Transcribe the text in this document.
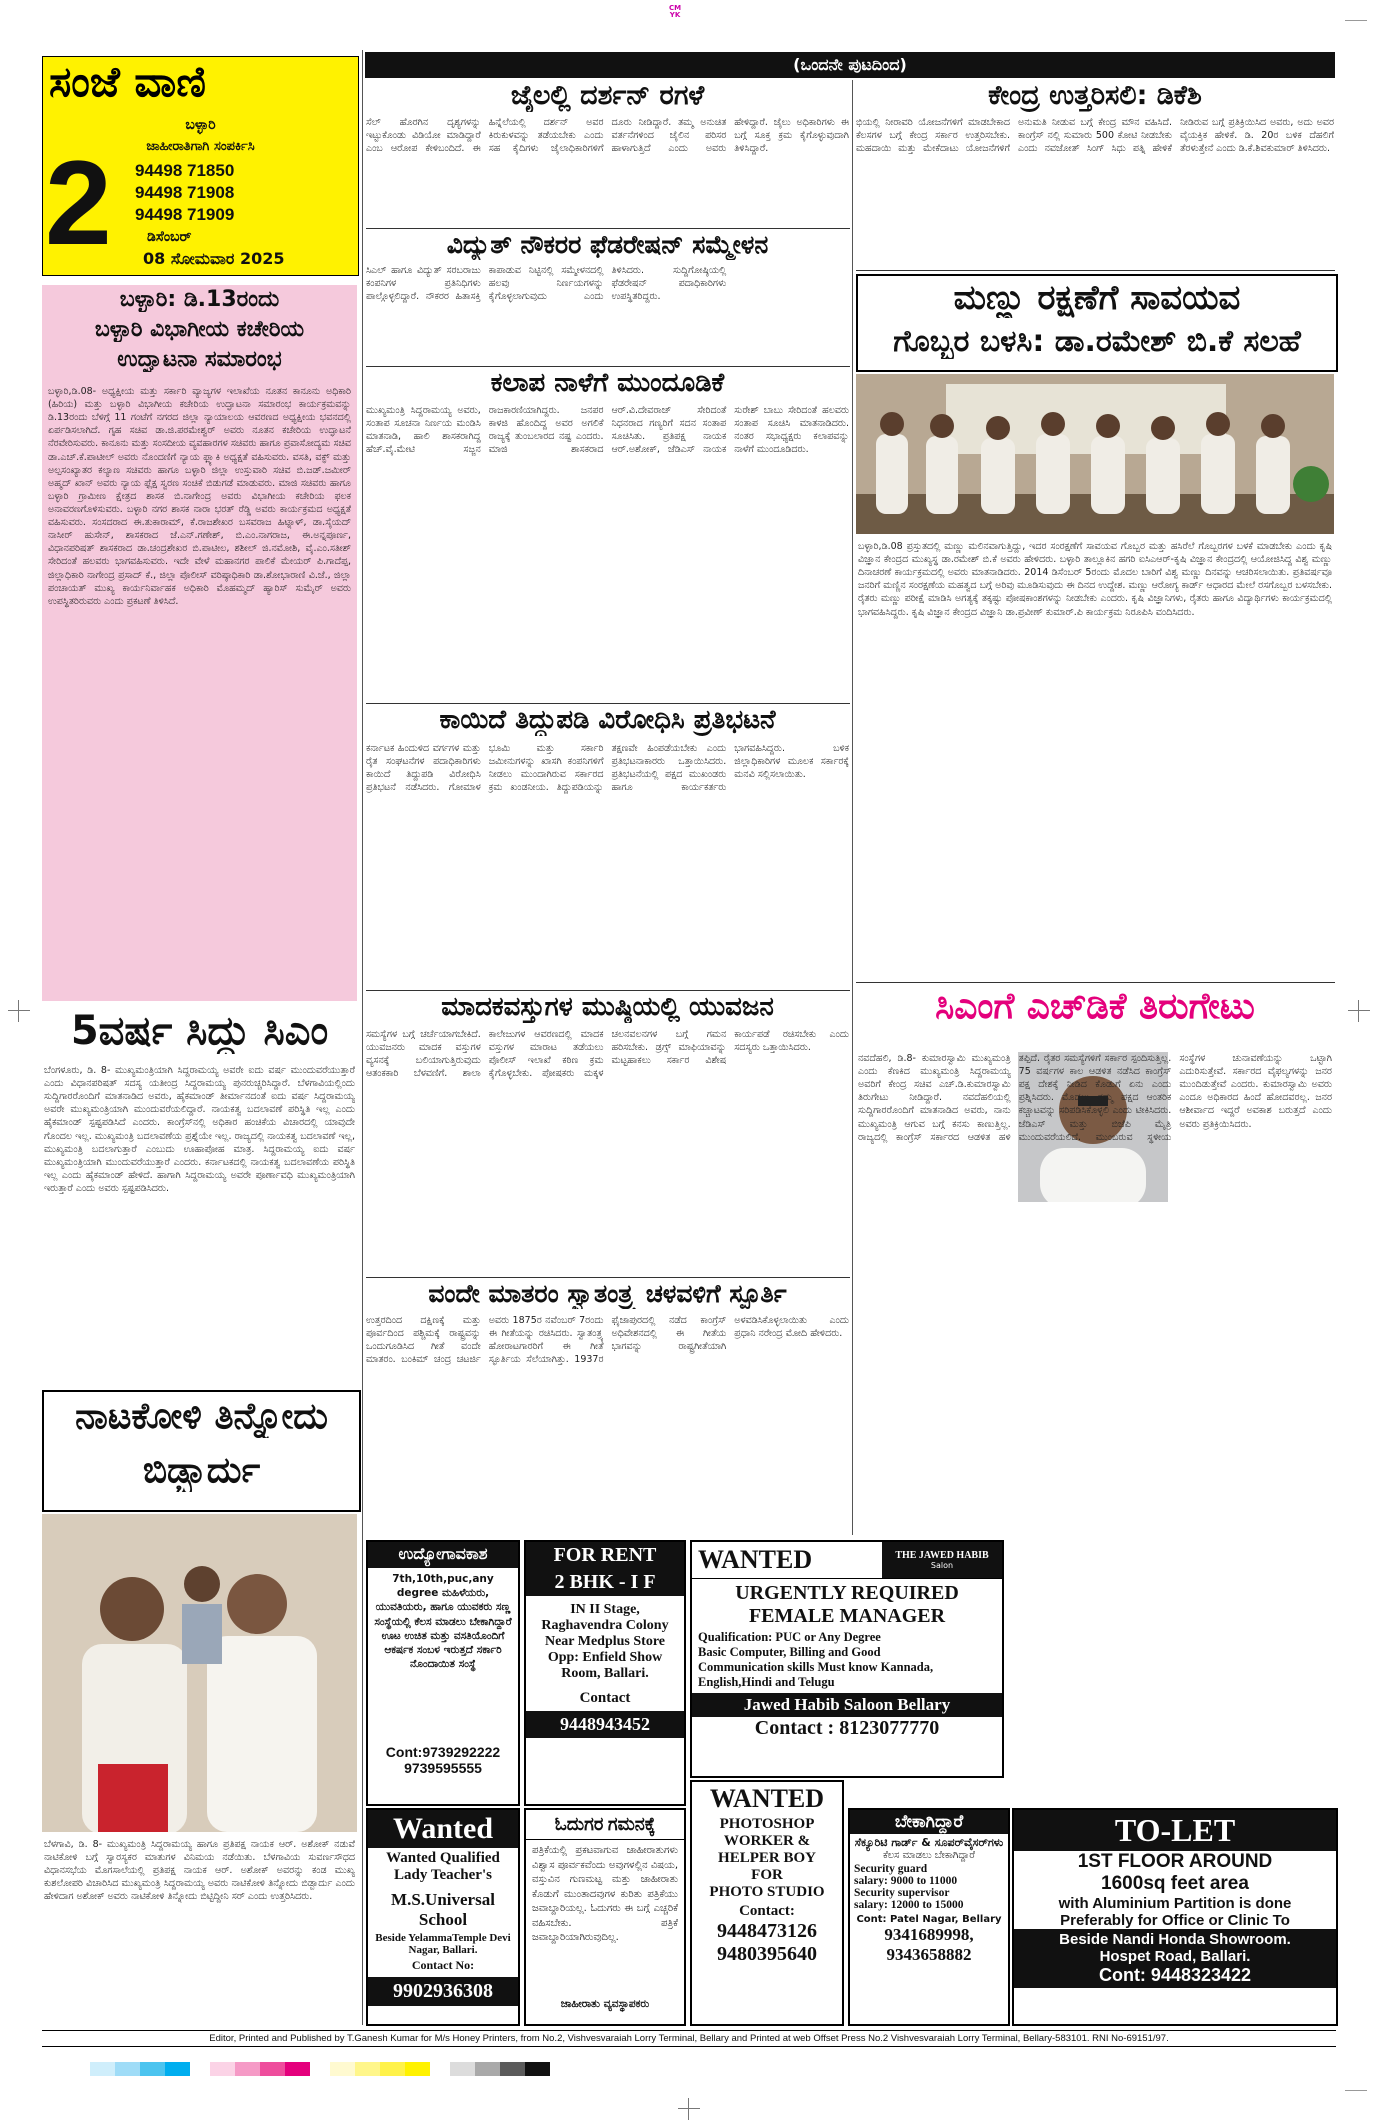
CMYK
ಸಂಜೆ ವಾಣಿ
ಬಳ್ಳಾರಿ
ಜಾಹೀರಾತಿಗಾಗಿ ಸಂಪರ್ಕಿಸಿ
2 94498 71850
94498 71908
94498 71909
ಡಿಸೆಂಬರ್
08 ಸೋಮವಾರ 2025
ಬಳ್ಳಾರಿ: ಡಿ.13ರಂದು
ಬಳ್ಳಾರಿ ವಿಭಾಗೀಯ ಕಚೇರಿಯ
ಉದ್ಘಾಟನಾ ಸಮಾರಂಭ
ಬಳ್ಳಾರಿ,ಡಿ.08- ಅಧ್ಯಕ್ಷೀಯ ಮತ್ತು ಸರ್ಕಾರಿ ವ್ಯಾಜ್ಯಗಳ ಇಲಾಖೆಯ ನೂತನ ಕಾನೂನು ಅಧಿಕಾರಿ (ಹಿರಿಯ) ಮತ್ತು ಬಳ್ಳಾರಿ ವಿಭಾಗೀಯ ಕಚೇರಿಯ ಉದ್ಘಾಟನಾ ಸಮಾರಂಭ ಕಾರ್ಯಕ್ರಮವನ್ನು ಡಿ.13ರಂದು ಬೆಳಿಗ್ಗೆ 11 ಗಂಟೆಗೆ ನಗರದ ಜಿಲ್ಲಾ ನ್ಯಾಯಾಲಯ ಆವರಣದ ಅಧ್ಯಕ್ಷೀಯ ಭವನದಲ್ಲಿ ಏರ್ಪಡಿಸಲಾಗಿದೆ. ಗೃಹ ಸಚಿವ ಡಾ.ಜಿ.ಪರಮೇಶ್ವರ್ ಅವರು ನೂತನ ಕಚೇರಿಯ ಉದ್ಘಾಟನೆ ನೆರವೇರಿಸುವರು. ಕಾನೂನು ಮತ್ತು ಸಂಸದೀಯ ವ್ಯವಹಾರಗಳ ಸಚಿವರು ಹಾಗೂ ಪ್ರವಾಸೋದ್ಯಮ ಸಚಿವ ಡಾ.ಎಚ್.ಕೆ.ಪಾಟೀಲ್ ಅವರು ನೊಂದಣಿಗೆ ನ್ಯಾಯ ಫ್ಲ್ಯಾಕಿ ಅಧ್ಯಕ್ಷತೆ ವಹಿಸುವರು. ವಸತಿ, ವಕ್ಫ್ ಮತ್ತು ಅಲ್ಪಸಂಖ್ಯಾತರ ಕಲ್ಯಾಣ ಸಚಿವರು ಹಾಗೂ ಬಳ್ಳಾರಿ ಜಿಲ್ಲಾ ಉಸ್ತುವಾರಿ ಸಚಿವ ಬಿ.ಜಡ್.ಜಮೀರ್ ಅಹ್ಮದ್ ಖಾನ್ ಅವರು ನ್ಯಾಯ ಫ್ಲೆಕ್ಷ ಸ್ವರಣ ಸಂಚಿಕೆ ಬಿಡುಗಡೆ ಮಾಡುವರು. ಮಾಜಿ ಸಚಿವರು ಹಾಗೂ ಬಳ್ಳಾರಿ ಗ್ರಾಮೀಣ ಕ್ಷೇತ್ರದ ಶಾಸಕ ಬಿ.ನಾಗೇಂದ್ರ ಅವರು ವಿಭಾಗೀಯ ಕಚೇರಿಯ ಫಲಕ ಅನಾವರಣಗೊಳಿಸುವರು. ಬಳ್ಳಾರಿ ನಗರ ಶಾಸಕ ನಾರಾ ಭರತ್ ರೆಡ್ಡಿ ಅವರು ಕಾರ್ಯಕ್ರಮದ ಅಧ್ಯಕ್ಷತೆ ವಹಿಸುವರು. ಸಂಸದರಾದ ಈ.ತುಕಾರಾಮ್, ಕೆ.ರಾಜಶೇಖರ ಬಸವರಾಜ ಹಿಟ್ನಾಳ್, ಡಾ.ಸೈಯದ್ ನಾಸೀರ್ ಹುಸೇನ್, ಶಾಸಕರಾದ ಜೆ.ಎನ್.ಗಣೇಶ್, ಬಿ.ಎಂ.ನಾಗರಾಜ, ಈ.ಅನ್ನಪೂರ್ಣ, ವಿಧಾನಪರಿಷತ್ ಶಾಸಕರಾದ ಡಾ.ಚಂದ್ರಶೇಖರ ಬಿ.ಪಾಟೀಲ, ಶಶೀಲ್ ಜಿ.ನಮೋಶಿ, ವೈ.ಎಂ.ಸತೀಶ್ ಸೇರಿದಂತೆ ಹಲವರು ಭಾಗವಹಿಸುವರು. ಇದೇ ವೇಳೆ ಮಹಾನಗರ ಪಾಲಿಕೆ ಮೇಯರ್ ಪಿ.ಗಾದೆಪ್ಪ, ಜಿಲ್ಲಾಧಿಕಾರಿ ನಾಗೇಂದ್ರ ಪ್ರಸಾದ್ ಕೆ., ಜಿಲ್ಲಾ ಪೊಲೀಸ್ ವರಿಷ್ಠಾಧಿಕಾರಿ ಡಾ.ಶೋಭಾರಾಣಿ ವಿ.ಜೆ., ಜಿಲ್ಲಾ ಪಂಚಾಯತ್ ಮುಖ್ಯ ಕಾರ್ಯನಿರ್ವಾಹಕ ಅಧಿಕಾರಿ ಮೊಹಮ್ಮದ್ ಹ್ಯಾರಿಸ್ ಸುಮೈರ್ ಅವರು ಉಪಸ್ಥಿತರಿರುವರು ಎಂದು ಪ್ರಕಟಣೆ ತಿಳಿಸಿದೆ.
5ವರ್ಷ ಸಿದ್ದು ಸಿಎಂ
ಬೆಂಗಳೂರು, ಡಿ. 8- ಮುಖ್ಯಮಂತ್ರಿಯಾಗಿ ಸಿದ್ದರಾಮಯ್ಯ ಅವರೇ ಐದು ವರ್ಷ ಮುಂದುವರೆಯುತ್ತಾರೆ ಎಂದು ವಿಧಾನಪರಿಷತ್ ಸದಸ್ಯ ಯತೀಂದ್ರ ಸಿದ್ದರಾಮಯ್ಯ ಪುನರುಚ್ಚರಿಸಿದ್ದಾರೆ. ಬೆಳಗಾವಿಯಲ್ಲಿಂದು ಸುದ್ದಿಗಾರರೊಂದಿಗೆ ಮಾತನಾಡಿದ ಅವರು, ಹೈಕಮಾಂಡ್ ತೀರ್ಮಾನದಂತೆ ಐದು ವರ್ಷ ಸಿದ್ದರಾಮಯ್ಯ ಅವರೇ ಮುಖ್ಯಮಂತ್ರಿಯಾಗಿ ಮುಂದುವರೆಯಲಿದ್ದಾರೆ. ನಾಯಕತ್ವ ಬದಲಾವಣೆ ಪರಿಸ್ಥಿತಿ ಇಲ್ಲ ಎಂದು ಹೈಕಮಾಂಡ್ ಸ್ಪಷ್ಟಪಡಿಸಿದೆ ಎಂದರು. ಕಾಂಗ್ರೆಸ್‌ನಲ್ಲಿ ಅಧಿಕಾರ ಹಂಚಿಕೆಯ ವಿಚಾರದಲ್ಲಿ ಯಾವುದೇ ಗೊಂದಲ ಇಲ್ಲ. ಮುಖ್ಯಮಂತ್ರಿ ಬದಲಾವಣೆಯ ಪ್ರಶ್ನೆಯೇ ಇಲ್ಲ. ರಾಜ್ಯದಲ್ಲಿ ನಾಯಕತ್ವ ಬದಲಾವಣೆ ಇಲ್ಲ, ಮುಖ್ಯಮಂತ್ರಿ ಬದಲಾಗುತ್ತಾರೆ ಎಂಬುದು ಊಹಾಪೋಹ ಮಾತ್ರ. ಸಿದ್ದರಾಮಯ್ಯ ಐದು ವರ್ಷ ಮುಖ್ಯಮಂತ್ರಿಯಾಗಿ ಮುಂದುವರೆಯುತ್ತಾರೆ ಎಂದರು. ಕರ್ನಾಟಕದಲ್ಲಿ ನಾಯಕತ್ವ ಬದಲಾವಣೆಯ ಪರಿಸ್ಥಿತಿ ಇಲ್ಲ ಎಂದು ಹೈಕಮಾಂಡ್ ಹೇಳಿದೆ. ಹಾಗಾಗಿ ಸಿದ್ದರಾಮಯ್ಯ ಅವರೇ ಪೂರ್ಣಾವಧಿ ಮುಖ್ಯಮಂತ್ರಿಯಾಗಿ ಇರುತ್ತಾರೆ ಎಂದು ಅವರು ಸ್ಪಷ್ಟಪಡಿಸಿದರು.
ನಾಟಕೋಳಿ ತಿನ್ನೋದು
ಬಿಡ್ಬಾರ್ದು
ಬೆಳಗಾವಿ, ಡಿ. 8- ಮುಖ್ಯಮಂತ್ರಿ ಸಿದ್ದರಾಮಯ್ಯ ಹಾಗೂ ಪ್ರತಿಪಕ್ಷ ನಾಯಕ ಆರ್. ಅಶೋಕ್ ನಡುವೆ ನಾಟಿಕೋಳಿ ಬಗ್ಗೆ ಸ್ವಾರಸ್ಯಕರ ಮಾತುಗಳ ವಿನಿಮಯ ನಡೆಯಿತು. ಬೆಳಗಾವಿಯ ಸುವರ್ಣಸೌಧದ ವಿಧಾನಸಭೆಯ ಮೊಗಸಾಲೆಯಲ್ಲಿ ಪ್ರತಿಪಕ್ಷ ನಾಯಕ ಆರ್. ಅಶೋಕ್ ಅವರನ್ನು ಕಂಡ ಮುಖ್ಯ ಕುಶಲೋಪರಿ ವಿಚಾರಿಸಿದ ಮುಖ್ಯಮಂತ್ರಿ ಸಿದ್ದರಾಮಯ್ಯ ಅವರು ನಾಟಿಕೋಳಿ ತಿನ್ನೋದು ಬಿಡ್ಬಾರ್ದು ಎಂದು ಹೇಳಿದಾಗ ಅಶೋಕ್ ಅವರು ನಾಟಿಕೋಳಿ ತಿನ್ನೋದು ಬಿಟ್ಟಿದ್ದೀನಿ ಸರ್ ಎಂದು ಉತ್ತರಿಸಿದರು.
(ಒಂದನೇ ಪುಟದಿಂದ)
ಜೈಲಲ್ಲಿ ದರ್ಶನ್ ರಗಳೆ
ಸೆಲ್ ಹೊರಗಿನ ದೃಶ್ಯಗಳನ್ನು ಇಟ್ಟುಕೊಂಡು ವಿಡಿಯೋ ಮಾಡಿದ್ದಾರೆ ಎಂಬ ಆರೋಪ ಕೇಳಿಬಂದಿದೆ. ಈ ಹಿನ್ನೆಲೆಯಲ್ಲಿ ದರ್ಶನ್ ಅವರ ಕಿರುಕುಳವನ್ನು ತಡೆಯಬೇಕು ಎಂದು ಸಹ ಕೈದಿಗಳು ಜೈಲಾಧಿಕಾರಿಗಳಿಗೆ ದೂರು ನೀಡಿದ್ದಾರೆ. ತಮ್ಮ ಅನುಚಿತ ವರ್ತನೆಗಳಿಂದ ಜೈಲಿನ ಪರಿಸರ ಹಾಳಾಗುತ್ತಿದೆ ಎಂದು ಅವರು ಹೇಳಿದ್ದಾರೆ. ಜೈಲು ಅಧಿಕಾರಿಗಳು ಈ ಬಗ್ಗೆ ಸೂಕ್ತ ಕ್ರಮ ಕೈಗೊಳ್ಳುವುದಾಗಿ ತಿಳಿಸಿದ್ದಾರೆ.
ವಿದ್ಯುತ್ ನೌಕರರ ಫೆಡರೇಷನ್ ಸಮ್ಮೇಳನ
ಸಿಎಲ್ ಹಾಗೂ ವಿದ್ಯುತ್ ಸರಬರಾಜು ಕಂಪನಿಗಳ ಪ್ರತಿನಿಧಿಗಳು ಪಾಲ್ಗೊಳ್ಳಲಿದ್ದಾರೆ. ನೌಕರರ ಹಿತಾಸಕ್ತಿ ಕಾಪಾಡುವ ನಿಟ್ಟಿನಲ್ಲಿ ಸಮ್ಮೇಳನದಲ್ಲಿ ಹಲವು ನಿರ್ಣಯಗಳನ್ನು ಕೈಗೊಳ್ಳಲಾಗುವುದು ಎಂದು ತಿಳಿಸಿದರು. ಸುದ್ದಿಗೋಷ್ಠಿಯಲ್ಲಿ ಫೆಡರೇಷನ್ ಪದಾಧಿಕಾರಿಗಳು ಉಪಸ್ಥಿತರಿದ್ದರು.
ಕಲಾಪ ನಾಳೆಗೆ ಮುಂದೂಡಿಕೆ
ಮುಖ್ಯಮಂತ್ರಿ ಸಿದ್ದರಾಮಯ್ಯ ಅವರು, ಸಂತಾಪ ಸೂಚನಾ ನಿರ್ಣಯ ಮಂಡಿಸಿ ಮಾತನಾಡಿ, ಹಾಲಿ ಶಾಸಕರಾಗಿದ್ದ ಹೆಚ್.ವೈ.ಮೇಟಿ ಸಜ್ಜನ ರಾಜಕಾರಣಿಯಾಗಿದ್ದರು. ಜನಪರ ಕಾಳಜಿ ಹೊಂದಿದ್ದ ಅವರ ಅಗಲಿಕೆ ರಾಜ್ಯಕ್ಕೆ ತುಂಬಲಾರದ ನಷ್ಟ ಎಂದರು. ಮಾಜಿ ಶಾಸಕರಾದ ಆರ್.ವಿ.ದೇವರಾಜ್ ಸೇರಿದಂತೆ ನಿಧನರಾದ ಗಣ್ಯರಿಗೆ ಸದನ ಸಂತಾಪ ಸೂಚಿಸಿತು. ಪ್ರತಿಪಕ್ಷ ನಾಯಕ ಆರ್.ಅಶೋಕ್, ಜೆಡಿಎಸ್ ನಾಯಕ ಸುರೇಶ್ ಬಾಬು ಸೇರಿದಂತೆ ಹಲವರು ಸಂತಾಪ ಸೂಚಿಸಿ ಮಾತನಾಡಿದರು. ನಂತರ ಸಭಾಧ್ಯಕ್ಷರು ಕಲಾಪವನ್ನು ನಾಳೆಗೆ ಮುಂದೂಡಿದರು.
ಕಾಯಿದೆ ತಿದ್ದುಪಡಿ ವಿರೋಧಿಸಿ ಪ್ರತಿಭಟನೆ
ಕರ್ನಾಟಕ ಹಿಂದುಳಿದ ವರ್ಗಗಳ ಮತ್ತು ರೈತ ಸಂಘಟನೆಗಳ ಪದಾಧಿಕಾರಿಗಳು ಕಾಯಿದೆ ತಿದ್ದುಪಡಿ ವಿರೋಧಿಸಿ ಪ್ರತಿಭಟನೆ ನಡೆಸಿದರು. ಗೋಮಾಳ ಭೂಮಿ ಮತ್ತು ಸರ್ಕಾರಿ ಜಮೀನುಗಳನ್ನು ಖಾಸಗಿ ಕಂಪನಿಗಳಿಗೆ ನೀಡಲು ಮುಂದಾಗಿರುವ ಸರ್ಕಾರದ ಕ್ರಮ ಖಂಡನೀಯ. ತಿದ್ದುಪಡಿಯನ್ನು ತಕ್ಷಣವೇ ಹಿಂಪಡೆಯಬೇಕು ಎಂದು ಪ್ರತಿಭಟನಾಕಾರರು ಒತ್ತಾಯಿಸಿದರು. ಪ್ರತಿಭಟನೆಯಲ್ಲಿ ಪಕ್ಷದ ಮುಖಂಡರು ಹಾಗೂ ಕಾರ್ಯಕರ್ತರು ಭಾಗವಹಿಸಿದ್ದರು. ಬಳಿಕ ಜಿಲ್ಲಾಧಿಕಾರಿಗಳ ಮೂಲಕ ಸರ್ಕಾರಕ್ಕೆ ಮನವಿ ಸಲ್ಲಿಸಲಾಯಿತು.
ಮಾದಕವಸ್ತುಗಳ ಮುಷ್ಠಿಯಲ್ಲಿ ಯುವಜನ
ಸಮಸ್ಯೆಗಳ ಬಗ್ಗೆ ಚರ್ಚೆಯಾಗಬೇಕಿದೆ. ಯುವಜನರು ಮಾದಕ ವಸ್ತುಗಳ ವ್ಯಸನಕ್ಕೆ ಬಲಿಯಾಗುತ್ತಿರುವುದು ಆತಂಕಕಾರಿ ಬೆಳವಣಿಗೆ. ಶಾಲಾ ಕಾಲೇಜುಗಳ ಆವರಣದಲ್ಲಿ ಮಾದಕ ವಸ್ತುಗಳ ಮಾರಾಟ ತಡೆಯಲು ಪೊಲೀಸ್ ಇಲಾಖೆ ಕಠಿಣ ಕ್ರಮ ಕೈಗೊಳ್ಳಬೇಕು. ಪೋಷಕರು ಮಕ್ಕಳ ಚಲನವಲನಗಳ ಬಗ್ಗೆ ಗಮನ ಹರಿಸಬೇಕು. ಡ್ರಗ್ಸ್ ಮಾಫಿಯಾವನ್ನು ಮಟ್ಟಹಾಕಲು ಸರ್ಕಾರ ವಿಶೇಷ ಕಾರ್ಯಪಡೆ ರಚಿಸಬೇಕು ಎಂದು ಸದಸ್ಯರು ಒತ್ತಾಯಿಸಿದರು.
ವಂದೇ ಮಾತರಂ ಸ್ವಾತಂತ್ರ್ಯ ಚಳವಳಿಗೆ ಸ್ಪೂರ್ತಿ
ಉತ್ತರದಿಂದ ದಕ್ಷಿಣಕ್ಕೆ ಮತ್ತು ಪೂರ್ವದಿಂದ ಪಶ್ಚಿಮಕ್ಕೆ ರಾಷ್ಟ್ರವನ್ನು ಒಂದುಗೂಡಿಸಿದ ಗೀತೆ ವಂದೇ ಮಾತರಂ. ಬಂಕಿಮ್ ಚಂದ್ರ ಚಟರ್ಜಿ ಅವರು 1875ರ ನವೆಂಬರ್ 7ರಂದು ಈ ಗೀತೆಯನ್ನು ರಚಿಸಿದರು. ಸ್ವಾತಂತ್ರ್ಯ ಹೋರಾಟಗಾರರಿಗೆ ಈ ಗೀತೆ ಸ್ಫೂರ್ತಿಯ ಸೆಲೆಯಾಗಿತ್ತು. 1937ರ ಫೈಜಾಪುರದಲ್ಲಿ ನಡೆದ ಕಾಂಗ್ರೆಸ್ ಅಧಿವೇಶನದಲ್ಲಿ ಈ ಗೀತೆಯ ಭಾಗವನ್ನು ರಾಷ್ಟ್ರಗೀತೆಯಾಗಿ ಅಳವಡಿಸಿಕೊಳ್ಳಲಾಯಿತು ಎಂದು ಪ್ರಧಾನಿ ನರೇಂದ್ರ ಮೋದಿ ಹೇಳಿದರು.
ಕೇಂದ್ರ ಉತ್ತರಿಸಲಿ: ಡಿಕೆಶಿ
ಭಿಯಲ್ಲಿ ನೀರಾವರಿ ಯೋಜನೆಗಳಿಗೆ ಮಾಡಬೇಕಾದ ಕೆಲಸಗಳ ಬಗ್ಗೆ ಕೇಂದ್ರ ಸರ್ಕಾರ ಉತ್ತರಿಸಬೇಕು. ಮಹದಾಯಿ ಮತ್ತು ಮೇಕೆದಾಟು ಯೋಜನೆಗಳಿಗೆ ಅನುಮತಿ ನೀಡುವ ಬಗ್ಗೆ ಕೇಂದ್ರ ಮೌನ ವಹಿಸಿದೆ. ಕಾಂಗ್ರೆಸ್ ನಲ್ಲಿ ಸುಮಾರು 500 ಕೋಟಿ ನೀಡಬೇಕು ಎಂದು ನವಜೋತ್ ಸಿಂಗ್ ಸಿಧು ಪತ್ನಿ ಹೇಳಿಕೆ ನೀಡಿರುವ ಬಗ್ಗೆ ಪ್ರತಿಕ್ರಿಯಿಸಿದ ಅವರು, ಅದು ಅವರ ವೈಯಕ್ತಿಕ ಹೇಳಿಕೆ. ಡಿ. 20ರ ಬಳಿಕ ದೆಹಲಿಗೆ ತೆರಳುತ್ತೇನೆ ಎಂದು ಡಿ.ಕೆ.ಶಿವಕುಮಾರ್ ತಿಳಿಸಿದರು.
ಮಣ್ಣು ರಕ್ಷಣೆಗೆ ಸಾವಯವ
ಗೊಬ್ಬರ ಬಳಸಿ: ಡಾ.ರಮೇಶ್ ಬಿ.ಕೆ ಸಲಹೆ
ಬಳ್ಳಾರಿ,ಡಿ.08 ಪ್ರಸ್ತುತದಲ್ಲಿ ಮಣ್ಣು ಮಲಿನವಾಗುತ್ತಿದ್ದು, ಇದರ ಸಂರಕ್ಷಣೆಗೆ ಸಾವಯವ ಗೊಬ್ಬರ ಮತ್ತು ಹಸಿರೆಲೆ ಗೊಬ್ಬರಗಳ ಬಳಕೆ ಮಾಡಬೇಕು ಎಂದು ಕೃಷಿ ವಿಜ್ಞಾನ ಕೇಂದ್ರದ ಮುಖ್ಯಸ್ಥ ಡಾ.ರಮೇಶ್ ಬಿ.ಕೆ ಅವರು ಹೇಳಿದರು. ಬಳ್ಳಾರಿ ತಾಲ್ಲೂಕಿನ ಹಗರಿ ಐಸಿಎಆರ್-ಕೃಷಿ ವಿಜ್ಞಾನ ಕೇಂದ್ರದಲ್ಲಿ ಆಯೋಜಿಸಿದ್ದ ವಿಶ್ವ ಮಣ್ಣು ದಿನಾಚರಣೆ ಕಾರ್ಯಕ್ರಮದಲ್ಲಿ ಅವರು ಮಾತನಾಡಿದರು. 2014 ಡಿಸೆಂಬರ್ 5ರಂದು ಮೊದಲ ಬಾರಿಗೆ ವಿಶ್ವ ಮಣ್ಣು ದಿನವನ್ನು ಆಚರಿಸಲಾಯಿತು. ಪ್ರತಿವರ್ಷವೂ ಜನರಿಗೆ ಮಣ್ಣಿನ ಸಂರಕ್ಷಣೆಯ ಮಹತ್ವದ ಬಗ್ಗೆ ಅರಿವು ಮೂಡಿಸುವುದು ಈ ದಿನದ ಉದ್ದೇಶ. ಮಣ್ಣು ಆರೋಗ್ಯ ಕಾರ್ಡ್ ಆಧಾರದ ಮೇಲೆ ರಸಗೊಬ್ಬರ ಬಳಸಬೇಕು. ರೈತರು ಮಣ್ಣು ಪರೀಕ್ಷೆ ಮಾಡಿಸಿ ಅಗತ್ಯಕ್ಕೆ ತಕ್ಕಷ್ಟು ಪೋಷಕಾಂಶಗಳನ್ನು ನೀಡಬೇಕು ಎಂದರು. ಕೃಷಿ ವಿಜ್ಞಾನಿಗಳು, ರೈತರು ಹಾಗೂ ವಿದ್ಯಾರ್ಥಿಗಳು ಕಾರ್ಯಕ್ರಮದಲ್ಲಿ ಭಾಗವಹಿಸಿದ್ದರು. ಕೃಷಿ ವಿಜ್ಞಾನ ಕೇಂದ್ರದ ವಿಜ್ಞಾನಿ ಡಾ.ಪ್ರವೀಣ್ ಕುಮಾರ್.ಪಿ ಕಾರ್ಯಕ್ರಮ ನಿರೂಪಿಸಿ ವಂದಿಸಿದರು.
ಸಿಎಂಗೆ ಎಚ್‌ಡಿಕೆ ತಿರುಗೇಟು
ನವದೆಹಲಿ, ಡಿ.8- ಕುಮಾರಸ್ವಾಮಿ ಮುಖ್ಯಮಂತ್ರಿ ಎಂದು ಕೆಣಕಿದ ಮುಖ್ಯಮಂತ್ರಿ ಸಿದ್ದರಾಮಯ್ಯ ಅವರಿಗೆ ಕೇಂದ್ರ ಸಚಿವ ಎಚ್.ಡಿ.ಕುಮಾರಸ್ವಾಮಿ ತಿರುಗೇಟು ನೀಡಿದ್ದಾರೆ. ನವದೆಹಲಿಯಲ್ಲಿ ಸುದ್ದಿಗಾರರೊಂದಿಗೆ ಮಾತನಾಡಿದ ಅವರು, ನಾನು ಮುಖ್ಯಮಂತ್ರಿ ಆಗುವ ಬಗ್ಗೆ ಕನಸು ಕಾಣುತ್ತಿಲ್ಲ. ರಾಜ್ಯದಲ್ಲಿ ಕಾಂಗ್ರೆಸ್ ಸರ್ಕಾರದ ಆಡಳಿತ ಹಳಿ ತಪ್ಪಿದೆ. ರೈತರ ಸಮಸ್ಯೆಗಳಿಗೆ ಸರ್ಕಾರ ಸ್ಪಂದಿಸುತ್ತಿಲ್ಲ. 75 ವರ್ಷಗಳ ಕಾಲ ಆಡಳಿತ ನಡೆಸಿದ ಕಾಂಗ್ರೆಸ್ ಪಕ್ಷ ದೇಶಕ್ಕೆ ನೀಡಿದ ಕೊಡುಗೆ ಏನು ಎಂದು ಪ್ರಶ್ನಿಸಿದರು. ಮೊದಲು ತಮ್ಮ ಪಕ್ಷದ ಆಂತರಿಕ ಕಚ್ಚಾಟವನ್ನು ಸರಿಪಡಿಸಿಕೊಳ್ಳಲಿ ಎಂದು ಟೀಕಿಸಿದರು. ಜೆಡಿಎಸ್ ಮತ್ತು ಬಿಜೆಪಿ ಮೈತ್ರಿ ಮುಂದುವರೆಯಲಿದೆ. ಮುಂಬರುವ ಸ್ಥಳೀಯ ಸಂಸ್ಥೆಗಳ ಚುನಾವಣೆಯನ್ನು ಒಟ್ಟಾಗಿ ಎದುರಿಸುತ್ತೇವೆ. ಸರ್ಕಾರದ ವೈಫಲ್ಯಗಳನ್ನು ಜನರ ಮುಂದಿಡುತ್ತೇವೆ ಎಂದರು. ಕುಮಾರಸ್ವಾಮಿ ಅವರು ಎಂದೂ ಅಧಿಕಾರದ ಹಿಂದೆ ಹೋದವರಲ್ಲ. ಜನರ ಆಶೀರ್ವಾದ ಇದ್ದರೆ ಅವಕಾಶ ಬರುತ್ತದೆ ಎಂದು ಅವರು ಪ್ರತಿಕ್ರಿಯಿಸಿದರು.
ಉದ್ಯೋಗಾವಕಾಶ
7th,10th,puc,any degree ಮಹಿಳೆಯರು, ಯುವತಿಯರು, ಹಾಗೂ ಯುವಕರು ಸಣ್ಣ ಸಂಸ್ಥೆಯಲ್ಲಿ ಕೆಲಸ ಮಾಡಲು ಬೇಕಾಗಿದ್ದಾರೆ ಊಟ ಉಚಿತ ಮತ್ತು ವಸತಿಯೊಂದಿಗೆ ಆಕರ್ಷಕ ಸಂಬಳ ಇರುತ್ತದೆ ಸರ್ಕಾರಿ ನೊಂದಾಯಿತ ಸಂಸ್ಥೆ
Cont:9739292222
9739595555
FOR RENT
2 BHK - I F
IN II Stage,
Raghavendra Colony
Near Medplus Store
Opp: Enfield Show
Room, Ballari.
Contact
9448943452
WANTED	THE JAWED HABIB
Salon
URGENTLY REQUIRED
FEMALE MANAGER
Qualification: PUC or Any Degree
Basic Computer, Billing and Good
Communication skills Must know Kannada,
English,Hindi and Telugu
Jawed Habib Saloon Bellary
Contact : 8123077770
Wanted
Wanted Qualified
Lady Teacher's
M.S.Universal School
Beside YelammaTemple Devi Nagar, Ballari.
Contact No:
9902936308
ಓದುಗರ ಗಮನಕ್ಕೆ
ಪತ್ರಿಕೆಯಲ್ಲಿ ಪ್ರಕಟವಾಗುವ ಜಾಹೀರಾತುಗಳು ವಿಶ್ವಾಸ ಪೂರ್ವಕವೆಂದು ಅವುಗಳಲ್ಲಿನ ವಿಷಯ, ವಸ್ತುವಿನ ಗುಣಮಟ್ಟ ಮತ್ತು ಜಾಹೀರಾತು ಕೊಡುಗೆ ಮುಂತಾದವುಗಳ ಕುರಿತು ಪತ್ರಿಕೆಯು ಜವಾಬ್ದಾರಿಯಲ್ಲ. ಓದುಗರು ಈ ಬಗ್ಗೆ ಎಚ್ಚರಿಕೆ ವಹಿಸಬೇಕು. ಪತ್ರಿಕೆ ಜವಾಬ್ದಾರಿಯಾಗಿರುವುದಿಲ್ಲ.
ಜಾಹೀರಾತು ವ್ಯವಸ್ಥಾಪಕರು
WANTED
PHOTOSHOP
WORKER &
HELPER BOY
FOR
PHOTO STUDIO
Contact:
9448473126
9480395640
ಬೇಕಾಗಿದ್ದಾರೆ
ಸೆಕ್ಯೂರಿಟಿ ಗಾರ್ಡ್ & ಸೂಪರ್‌ವೈಸರ್‌ಗಳು
ಕೆಲಸ ಮಾಡಲು ಬೇಕಾಗಿದ್ದಾರೆ
Security guard
salary: 9000 to 11000
Security supervisor
salary: 12000 to 15000
Cont: Patel Nagar, Bellary
9341689998,
9343658882
TO-LET
1ST FLOOR AROUND
1600sq feet area
with Aluminium Partition is done
Preferably for Office or Clinic To
Beside Nandi Honda Showroom.
Hospet Road, Ballari.
Cont: 9448323422
Editor, Printed and Published by T.Ganesh Kumar for M/s Honey Printers, from No.2, Vishvesvaraiah Lorry Terminal, Bellary and Printed at web Offset Press No.2 Vishvesvaraiah Lorry Terminal, Bellary-583101. RNI No-69151/97.
